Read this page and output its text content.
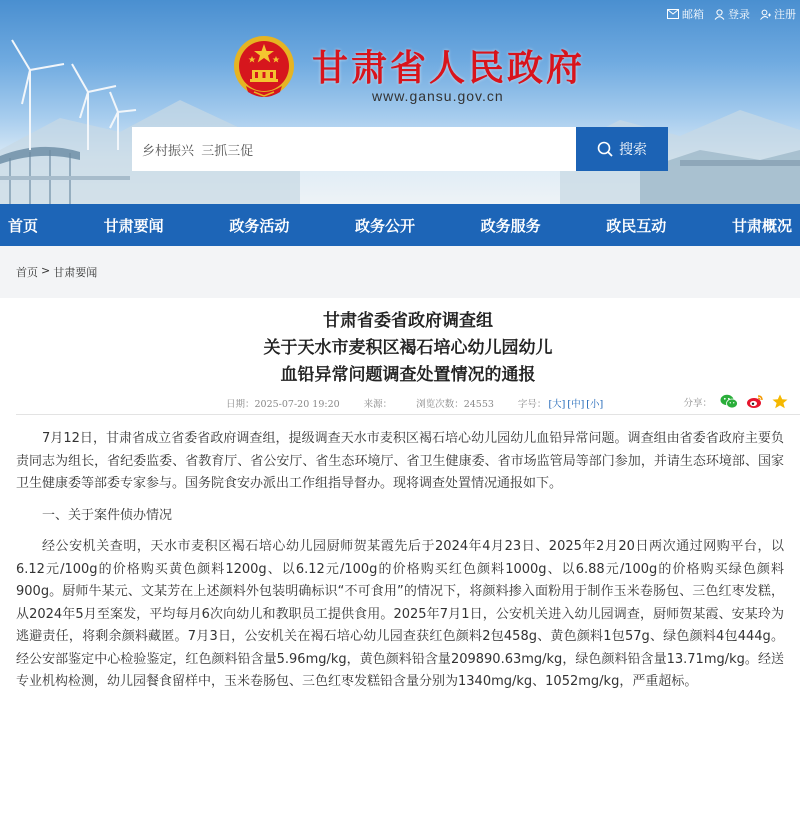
邮箱 登录 注册
甘肃省人民政府
www.gansu.gov.cn
乡村振兴 三抓三促
搜索
首页	甘肃要闻	政务活动	政务公开	政务服务	政民互动	甘肃概况
首页 > 甘肃要闻
甘肃省委省政府调查组
关于天水市麦积区褐石培心幼儿园幼儿
血铅异常问题调查处置情况的通报
日期：2025-07-20 19:20	来源：	浏览次数：24553	字号： [大] [中] [小]	分享：

7月12日，甘肃省成立省委省政府调查组，提级调查天水市麦积区褐石培心幼儿园幼儿血铅异常问题。调查组由省委省政府主要负责同志为组长，省纪委监委、省教育厅、省公安厅、省生态环境厅、省卫生健康委、省市场监管局等部门参加，并请生态环境部、国家卫生健康委等部委专家参与。国务院食安办派出工作组指导督办。现将调查处置情况通报如下。

一、关于案件侦办情况

经公安机关查明，天水市麦积区褐石培心幼儿园厨师贺某霞先后于2024年4月23日、2025年2月20日两次通过网购平台，以6.12元/100g的价格购买黄色颜料1200g、以6.12元/100g的价格购买红色颜料1000g、以6.88元/100g的价格购买绿色颜料900g。厨师牛某元、文某芳在上述颜料外包装明确标识“不可食用”的情况下，将颜料掺入面粉用于制作玉米卷肠包、三色红枣发糕，从2024年5月至案发，平均每月6次向幼儿和教职员工提供食用。2025年7月1日，公安机关进入幼儿园调查，厨师贺某霞、安某玲为逃避责任，将剩余颜料藏匿。7月3日，公安机关在褐石培心幼儿园查获红色颜料2包458g、黄色颜料1包57g、绿色颜料4包444g。经公安部鉴定中心检验鉴定，红色颜料铅含量5.96mg/kg，黄色颜料铅含量209890.63mg/kg，绿色颜料铅含量13.71mg/kg。经送专业机构检测，幼儿园餐食留样中，玉米卷肠包、三色红枣发糕铅含量分别为1340mg/kg、1052mg/kg，严重超标。
